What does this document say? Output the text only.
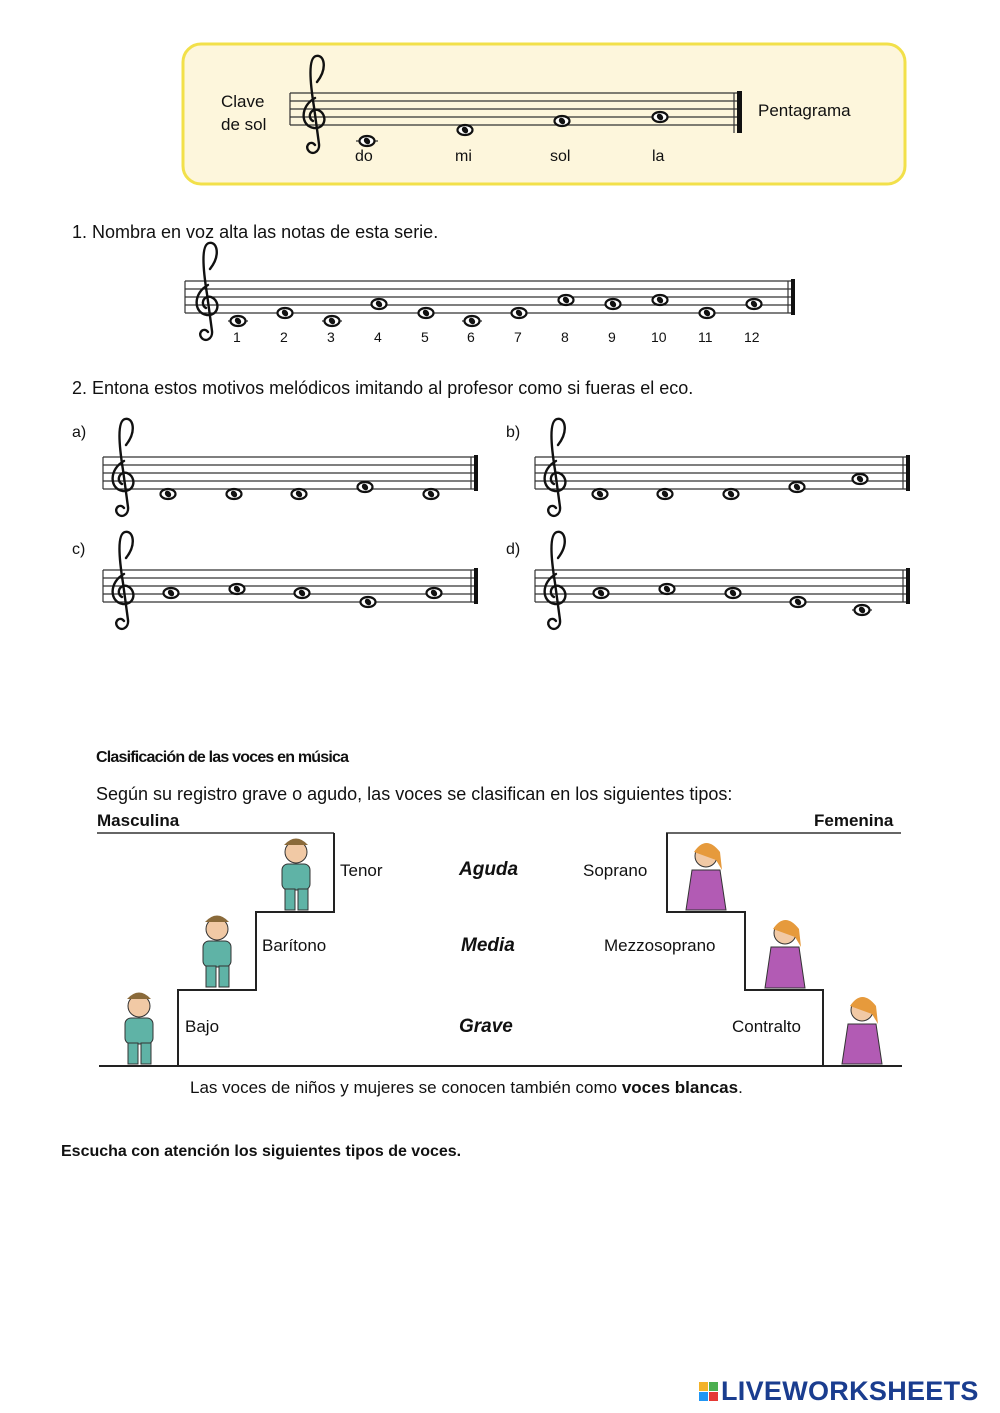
Clave
de sol
Pentagrama
do	mi	sol	la
1. Nombra en voz alta las notas de esta serie.
1	2	3	4	5	6	7	8	9	10 11 12
2. Entona estos motivos melódicos imitando al profesor como si fueras el eco.
a)	b)
c)	d)
Clasificación de las voces en música
Según su registro grave o agudo, las voces se clasifican en los siguientes tipos:
Masculina	Femenina
Aguda
Media
Grave
Tenor
Barítono
Bajo
Soprano
Mezzosoprano
Contralto
Las voces de niños y mujeres se conocen también como voces blancas.
Escucha con atención los siguientes tipos de voces.
LIVEWORKSHEETS
